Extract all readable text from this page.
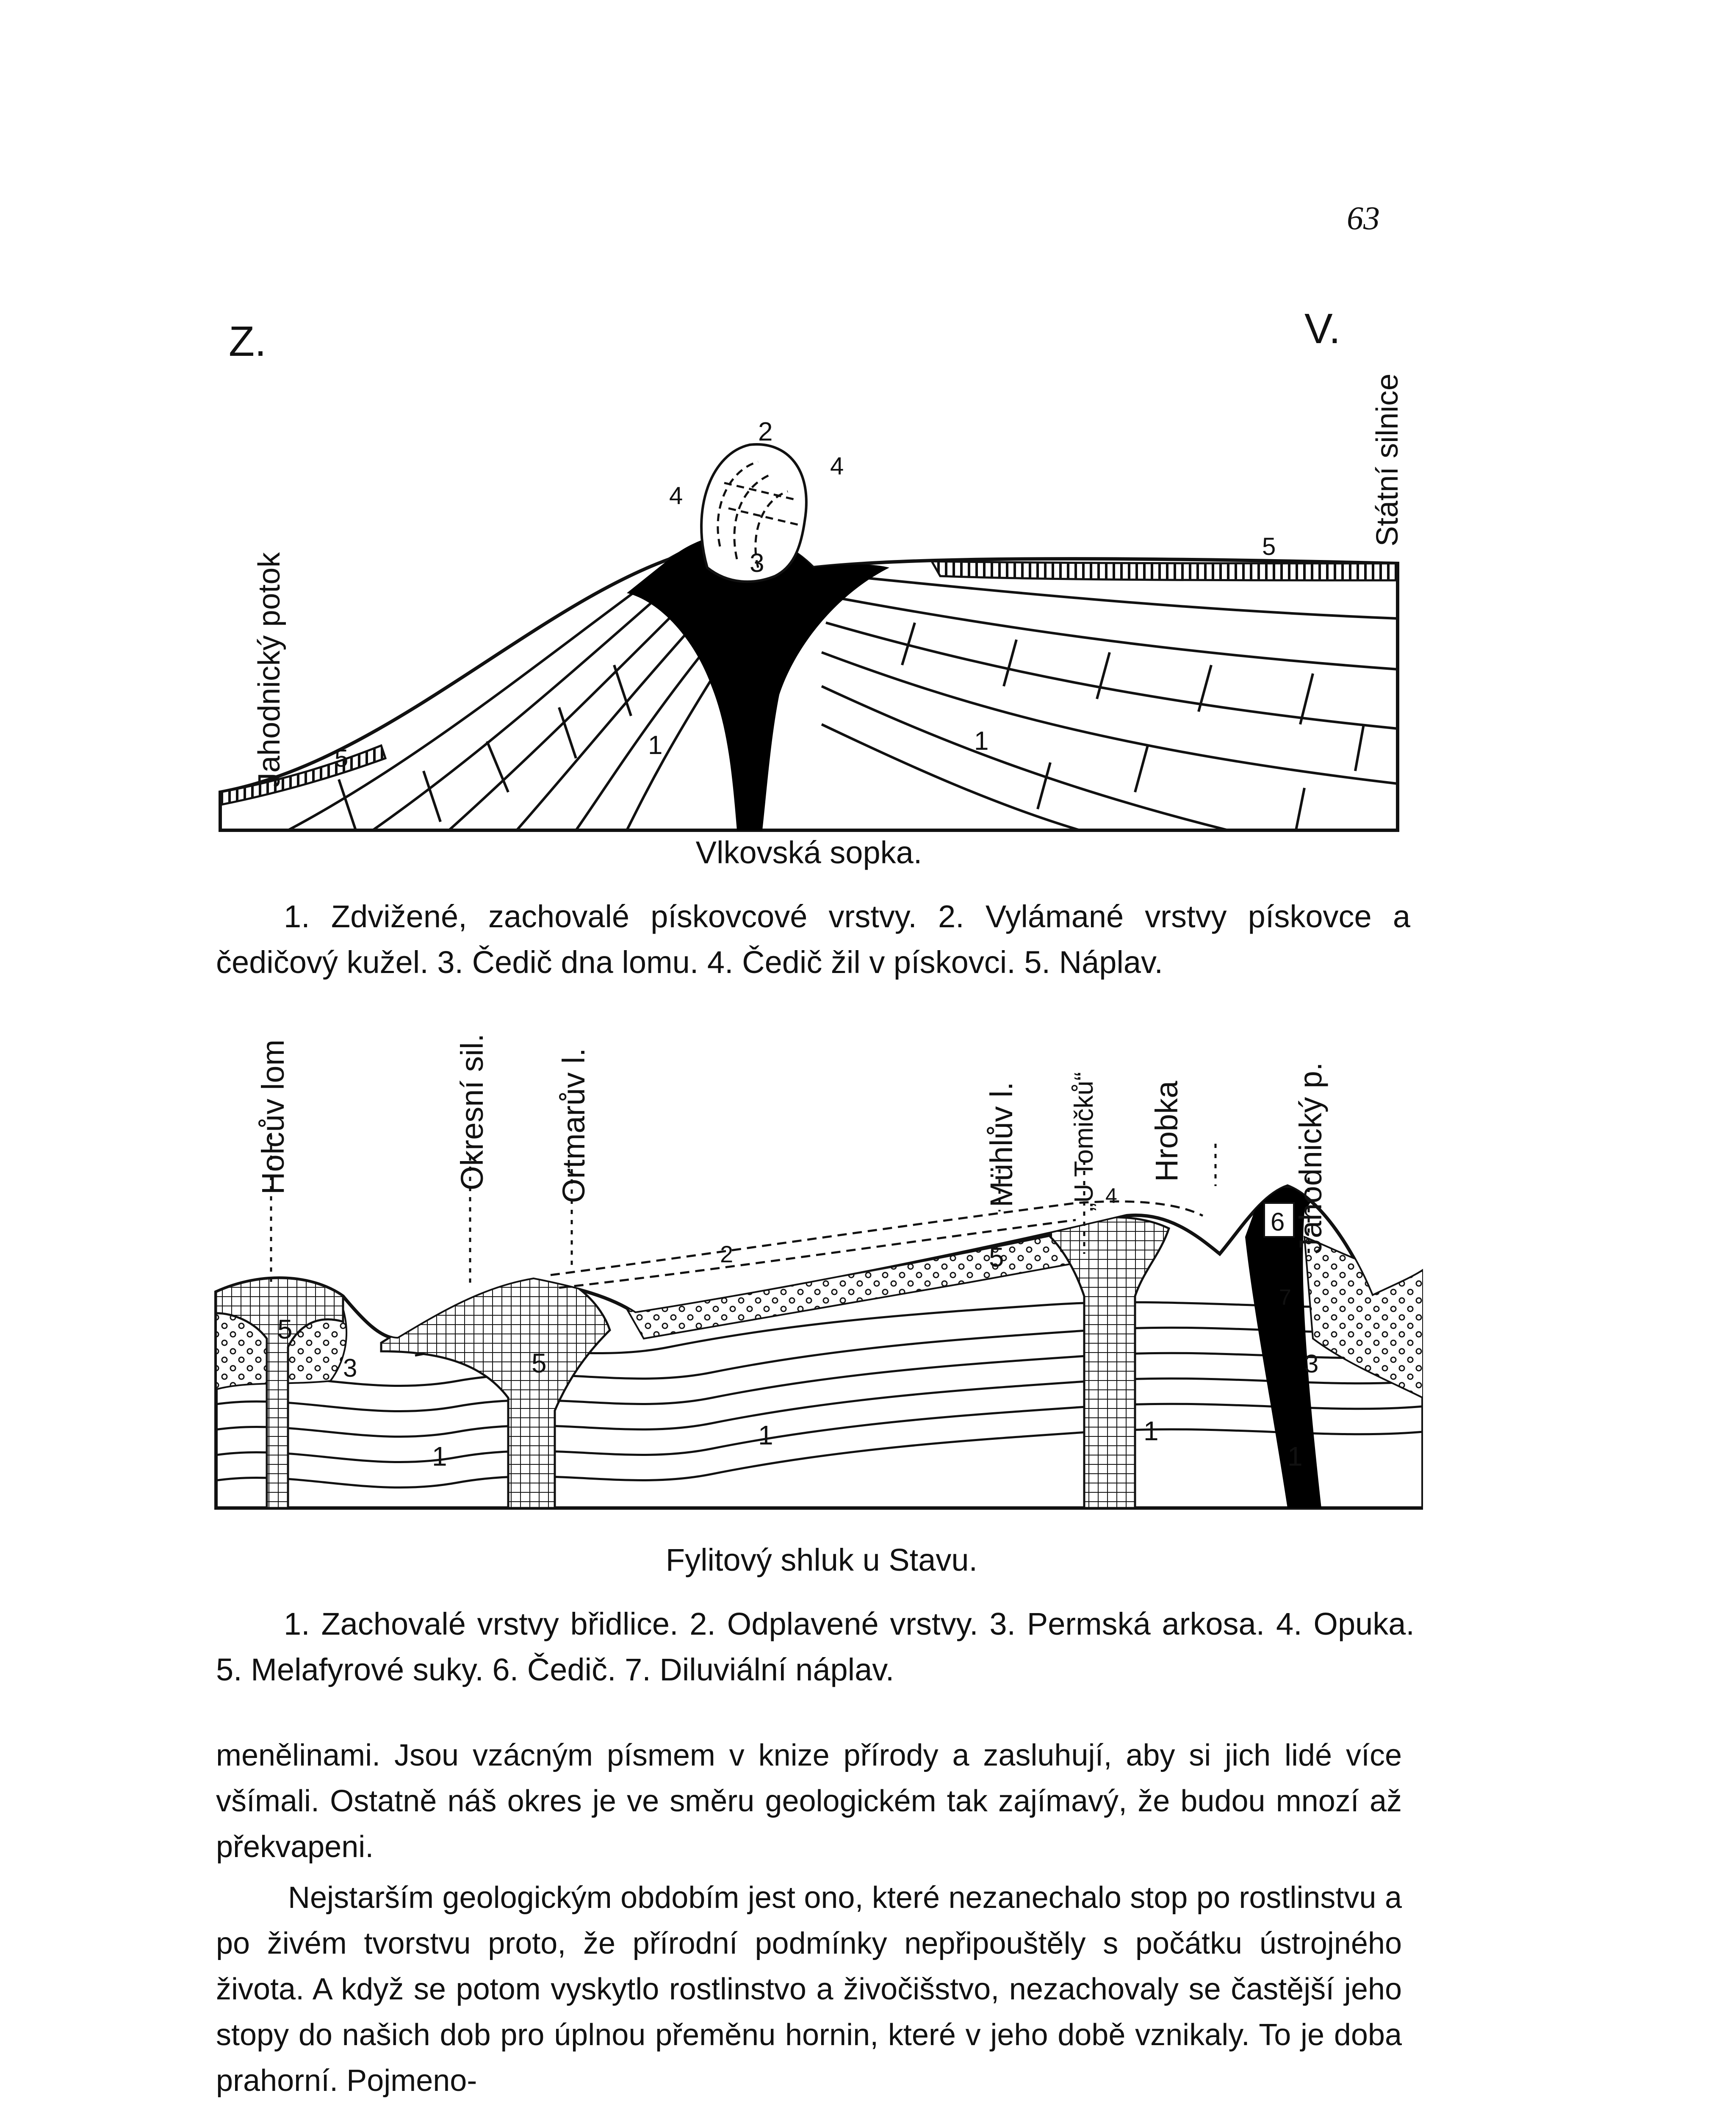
63
Z.	V.
Jahodnický potok
Státní silnice
1	1
2
3
4
4
5
5
Vlkovská sopka.
1. Zdvižené, zachovalé pískovcové vrstvy. 2. Vylámané vrstvy pískovce a čedičový kužel. 3. Čedič dna lomu. 4. Čedič žil v pískovci. 5. Náplav.
Holcův lom	Okresní sil. Ortmarův l.	Mühlův l. „U Tomičků“ Hrobka	Jahodnický p.
1
1	1
1
2
3	3
4
5
5
5
6
7
Fylitový shluk u Stavu.
1. Zachovalé vrstvy břidlice. 2. Odplavené vrstvy. 3. Permská arkosa. 4. Opuka. 5. Melafyrové suky. 6. Čedič. 7. Diluviální náplav.

menělinami. Jsou vzácným písmem v knize přírody a zasluhují, aby si jich lidé více všímali. Ostatně náš okres je ve směru geologickém tak zajímavý, že budou mnozí až překvapeni.

Nejstarším geologickým obdobím jest ono, které nezanechalo stop po rostlinstvu a po živém tvorstvu proto, že přírodní podmínky nepřipouštěly s počátku ústrojného života. A když se potom vyskytlo rostlinstvo a živočišstvo, nezachovaly se častější jeho stopy do našich dob pro úplnou přeměnu hornin, které v jeho době vznikaly. To je doba prahorní. Pojmeno-
